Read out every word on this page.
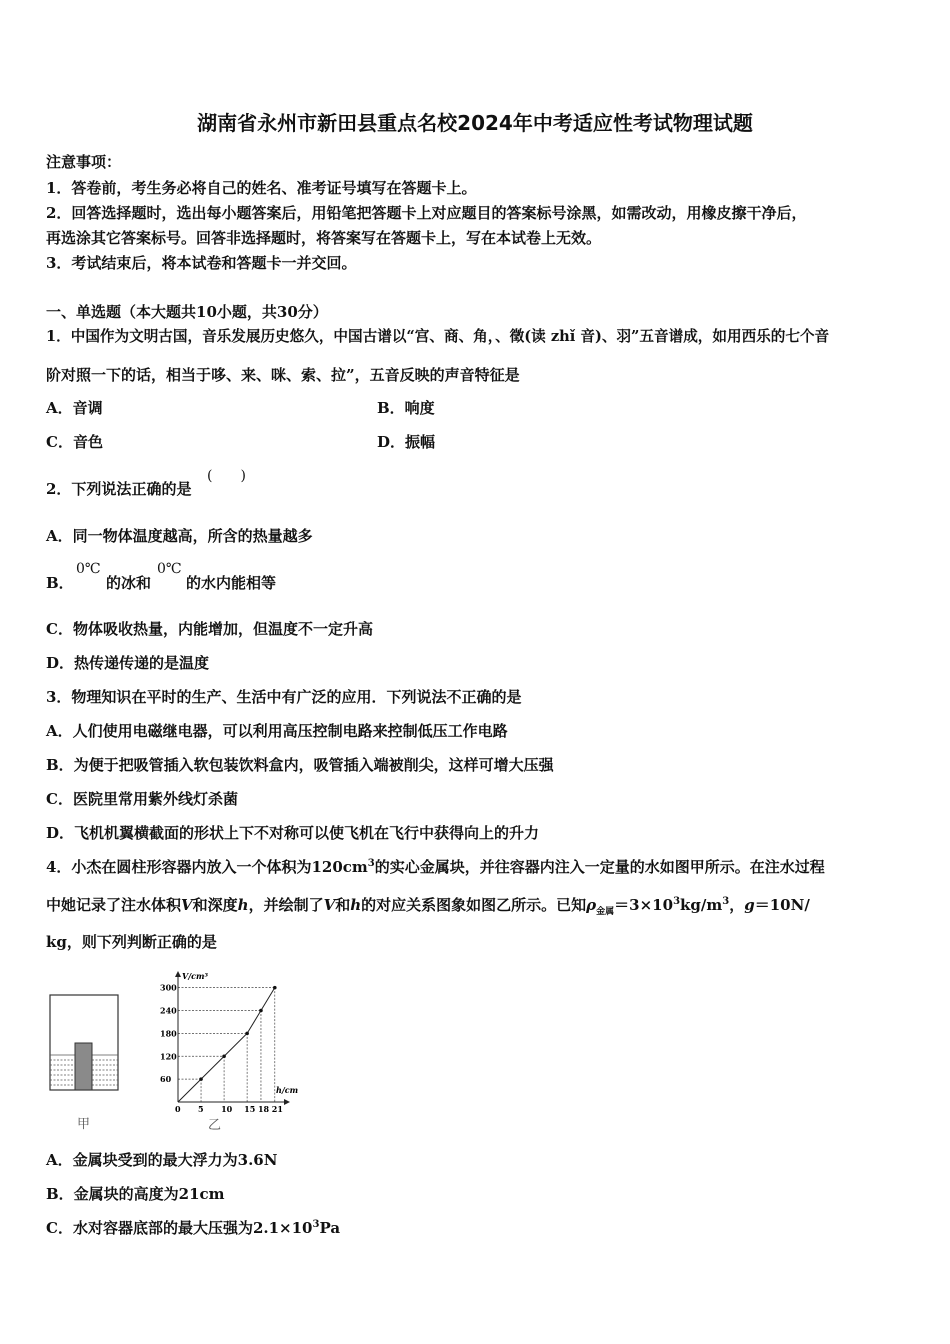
湖南省永州市新田县重点名校2024年中考适应性考试物理试题
注意事项：
1．答卷前，考生务必将自己的姓名、准考证号填写在答题卡上。
2．回答选择题时，选出每小题答案后，用铅笔把答题卡上对应题目的答案标号涂黑，如需改动，用橡皮擦干净后，
再选涂其它答案标号。回答非选择题时，将答案写在答题卡上，写在本试卷上无效。
3．考试结束后，将本试卷和答题卡一并交回。
一、单选题（本大题共10小题，共30分）
1．中国作为文明古国，音乐发展历史悠久，中国古谱以“宫、商、角，、徵(读 zhǐ 音)、羽”五音谱成，如用西乐的七个音
阶对照一下的话，相当于哆、来、咪、索、拉”，五音反映的声音特征是
A．音调	B．响度
C．音色	D．振幅
2．下列说法正确的是
(　　)
A．同一物体温度越高，所含的热量越多
B．
0℃
的冰和
0℃
的水内能相等
C．物体吸收热量，内能增加，但温度不一定升高
D．热传递传递的是温度
3．物理知识在平时的生产、生活中有广泛的应用．下列说法不正确的是
A．人们使用电磁继电器，可以利用高压控制电路来控制低压工作电路
B．为便于把吸管插入软包装饮料盒内，吸管插入端被削尖，这样可增大压强
C．医院里常用紫外线灯杀菌
D．飞机机翼横截面的形状上下不对称可以使飞机在飞行中获得向上的升力
4．小杰在圆柱形容器内放入一个体积为$120cm^3$的实心金属块，并往容器内注入一定量的水如图甲所示。在注水过程
中她记录了注水体积V和深度h，并绘制了V和h的对应关系图象如图乙所示。已知$\rho_{金属}=3\times 10^3kg/m^3$，g＝10N/
kg，则下列判断正确的是
甲
V/cm³
h/cm
0 5 10 15 18 21
60
120
180
240
300
乙
A．金属块受到的最大浮力为3.6N
B．金属块的高度为21cm
C．水对容器底部的最大压强为$2.1\times 10^3Pa$
